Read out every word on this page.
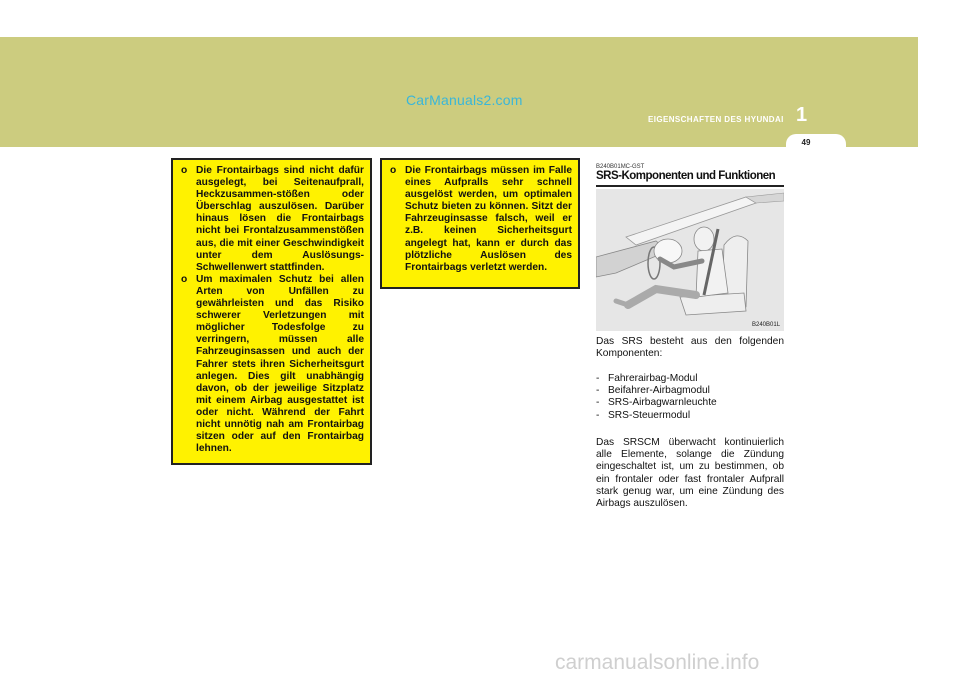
CarManuals2.com
EIGENSCHAFTEN DES HYUNDAI 1
49
o Die Frontairbags sind nicht dafür ausgelegt, bei Seitenaufprall, Heckzusammen-stößen oder Überschlag auszulösen. Darüber hinaus lösen die Frontairbags nicht bei Frontalzusammenstößen aus, die mit einer Geschwindigkeit unter dem Auslösungs-Schwellenwert stattfinden.
o Um maximalen Schutz bei allen Arten von Unfällen zu gewährleisten und das Risiko schwerer Verletzungen mit möglicher Todesfolge zu verringern, müssen alle Fahrzeuginsassen und auch der Fahrer stets ihren Sicherheitsgurt anlegen. Dies gilt unabhängig davon, ob der jeweilige Sitzplatz mit einem Airbag ausgestattet ist oder nicht. Während der Fahrt nicht unnötig nah am Frontairbag sitzen oder auf den Frontairbag lehnen.
o Die Frontairbags müssen im Falle eines Aufpralls sehr schnell ausgelöst werden, um optimalen Schutz bieten zu können. Sitzt der Fahrzeuginsasse falsch, weil er z.B. keinen Sicherheitsgurt angelegt hat, kann er durch das plötzliche Auslösen des Frontairbags verletzt werden.
B240B01MC-GST
SRS-Komponenten und Funktionen
B240B01L

Das SRS besteht aus den folgenden Komponenten:

- Fahrerairbag-Modul
- Beifahrer-Airbagmodul
- SRS-Airbagwarnleuchte
- SRS-Steuermodul

Das SRSCM überwacht kontinuierlich alle Elemente, solange die Zündung eingeschaltet ist, um zu bestimmen, ob ein frontaler oder fast frontaler Aufprall stark genug war, um eine Zündung des Airbags auszulösen.

carmanualsonline.info
